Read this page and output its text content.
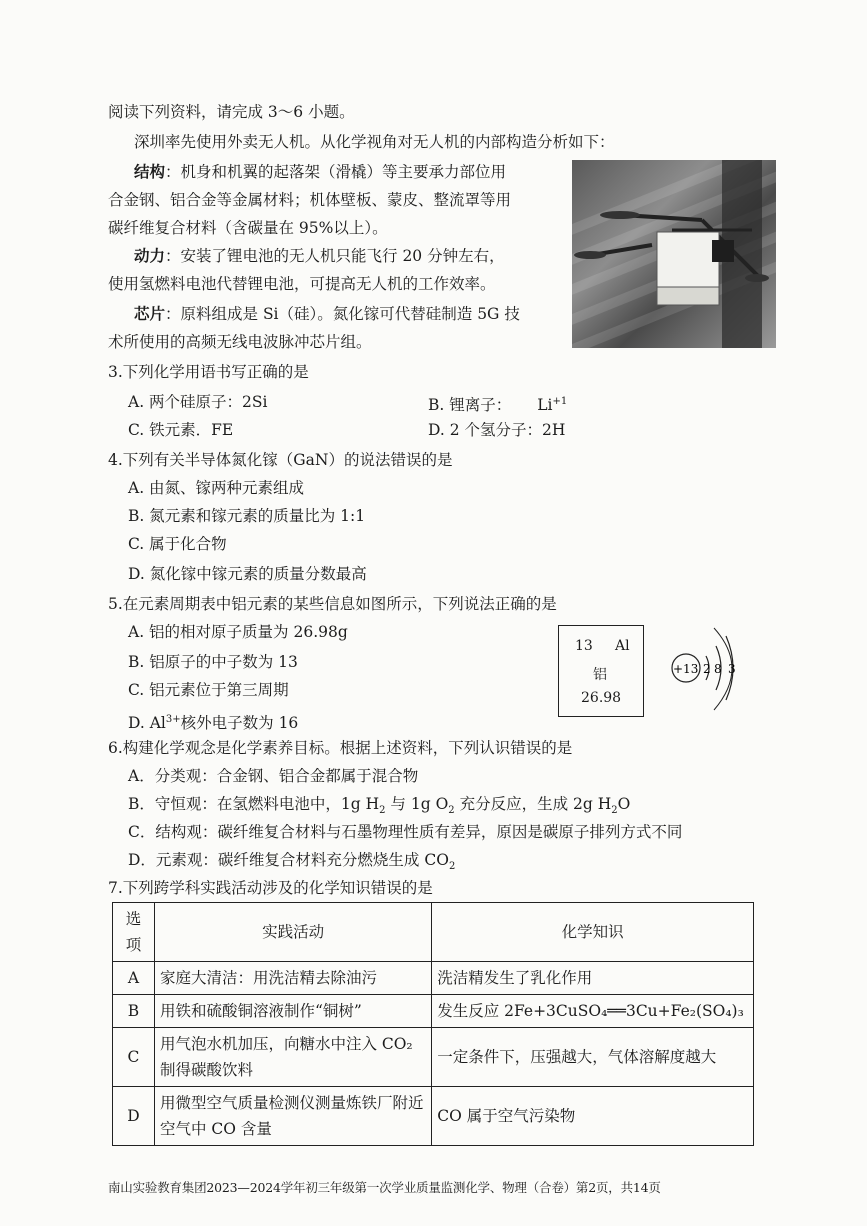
阅读下列资料，请完成 3～6 小题。
深圳率先使用外卖无人机。从化学视角对无人机的内部构造分析如下：
结构：机身和机翼的起落架（滑橇）等主要承力部位用
合金钢、铝合金等金属材料；机体壁板、蒙皮、整流罩等用
碳纤维复合材料（含碳量在 95%以上）。
动力：安装了锂电池的无人机只能飞行 20 分钟左右，
使用氢燃料电池代替锂电池，可提高无人机的工作效率。
芯片：原料组成是 Si（硅）。氮化镓可代替硅制造 5G 技
术所使用的高频无线电波脉冲芯片组。
3.下列化学用语书写正确的是
A. 两个硅原子：2Si	B. 锂离子： $Li^{+1}$
C. 铁元素．FE	D. 2 个氢分子：2H
4.下列有关半导体氮化镓（GaN）的说法错误的是
A. 由氮、镓两种元素组成
B. 氮元素和镓元素的质量比为 1:1
C. 属于化合物
D. 氮化镓中镓元素的质量分数最高
5.在元素周期表中铝元素的某些信息如图所示，下列说法正确的是
A. 铝的相对原子质量为 26.98g
B. 铝原子的中子数为 13
C. 铝元素位于第三周期
D. $Al^{3+}$核外电子数为 16
13 Al
铝
26.98
+13 2 8 3
6.构建化学观念是化学素养目标。根据上述资料，下列认识错误的是
A．分类观：合金钢、铝合金都属于混合物
B．守恒观：在氢燃料电池中，1g $H_2$ 与 1g $O_2$ 充分反应，生成 2g $H_2O$
C．结构观：碳纤维复合材料与石墨物理性质有差异，原因是碳原子排列方式不同
D．元素观：碳纤维复合材料充分燃烧生成 $CO_2$
7.下列跨学科实践活动涉及的化学知识错误的是
选项	实践活动	化学知识
A	家庭大清洁：用洗洁精去除油污	洗洁精发生了乳化作用
B	用铁和硫酸铜溶液制作“铜树”	发生反应 2Fe+3CuSO₄══3Cu+Fe₂(SO₄)₃
C	用气泡水机加压，向糖水中注入 CO₂制得碳酸饮料	一定条件下，压强越大，气体溶解度越大
D	用微型空气质量检测仪测量炼铁厂附近空气中 CO 含量	CO 属于空气污染物
南山实验教育集团2023—2024学年初三年级第一次学业质量监测化学、物理（合卷）第2页，共14页
